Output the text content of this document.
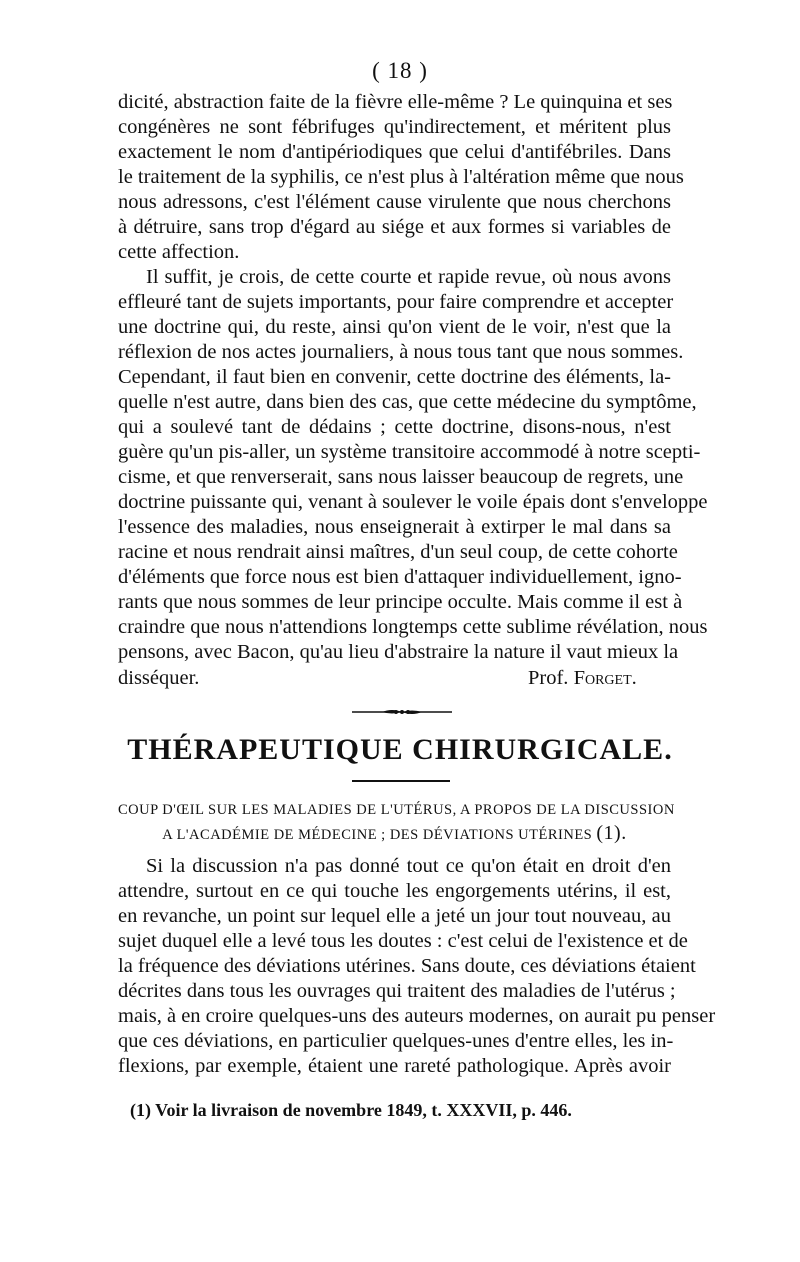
( 18 )
dicité, abstraction faite de la fièvre elle-même ? Le quinquina et ses
congénères ne sont fébrifuges qu'indirectement, et méritent plus
exactement le nom d'antipériodiques que celui d'antifébriles. Dans
le traitement de la syphilis, ce n'est plus à l'altération même que nous
nous adressons, c'est l'élément cause virulente que nous cherchons
à détruire, sans trop d'égard au siége et aux formes si variables de
cette affection.
Il suffit, je crois, de cette courte et rapide revue, où nous avons
effleuré tant de sujets importants, pour faire comprendre et accepter
une doctrine qui, du reste, ainsi qu'on vient de le voir, n'est que la
réflexion de nos actes journaliers, à nous tous tant que nous sommes.
Cependant, il faut bien en convenir, cette doctrine des éléments, la-
quelle n'est autre, dans bien des cas, que cette médecine du symptôme,
qui a soulevé tant de dédains ; cette doctrine, disons-nous, n'est
guère qu'un pis-aller, un système transitoire accommodé à notre scepti-
cisme, et que renverserait, sans nous laisser beaucoup de regrets, une
doctrine puissante qui, venant à soulever le voile épais dont s'enveloppe
l'essence des maladies, nous enseignerait à extirper le mal dans sa
racine et nous rendrait ainsi maîtres, d'un seul coup, de cette cohorte
d'éléments que force nous est bien d'attaquer individuellement, igno-
rants que nous sommes de leur principe occulte. Mais comme il est à
craindre que nous n'attendions longtemps cette sublime révélation, nous
pensons, avec Bacon, qu'au lieu d'abstraire la nature il vaut mieux la
disséquer.	Prof. Forget.
THÉRAPEUTIQUE CHIRURGICALE.
COUP D'ŒIL SUR LES MALADIES DE L'UTÉRUS, A PROPOS DE LA DISCUSSION
A L'ACADÉMIE DE MÉDECINE ; DES DÉVIATIONS UTÉRINES (1).
Si la discussion n'a pas donné tout ce qu'on était en droit d'en
attendre, surtout en ce qui touche les engorgements utérins, il est,
en revanche, un point sur lequel elle a jeté un jour tout nouveau, au
sujet duquel elle a levé tous les doutes : c'est celui de l'existence et de
la fréquence des déviations utérines. Sans doute, ces déviations étaient
décrites dans tous les ouvrages qui traitent des maladies de l'utérus ;
mais, à en croire quelques-uns des auteurs modernes, on aurait pu penser
que ces déviations, en particulier quelques-unes d'entre elles, les in-
flexions, par exemple, étaient une rareté pathologique. Après avoir
(1) Voir la livraison de novembre 1849, t. XXXVII, p. 446.
